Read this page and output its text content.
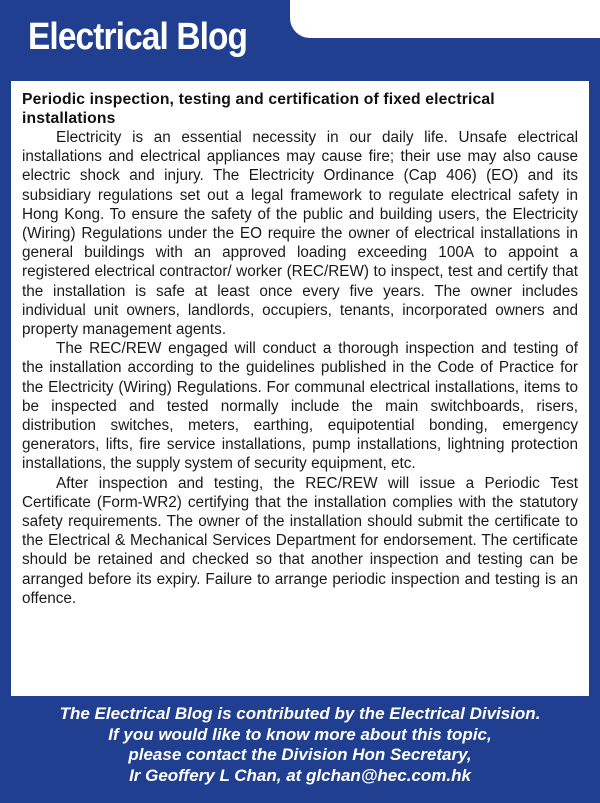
Electrical Blog
Periodic inspection, testing and certification of fixed electrical installations

Electricity is an essential necessity in our daily life. Unsafe electrical installations and electrical appliances may cause fire; their use may also cause electric shock and injury. The Electricity Ordinance (Cap 406) (EO) and its subsidiary regulations set out a legal framework to regulate electrical safety in Hong Kong. To ensure the safety of the public and building users, the Electricity (Wiring) Regulations under the EO require the owner of electrical installations in general buildings with an approved loading exceeding 100A to appoint a registered electrical contractor/ worker (REC/REW) to inspect, test and certify that the installation is safe at least once every five years. The owner includes individual unit owners, landlords, occupiers, tenants, incorporated owners and property management agents.

The REC/REW engaged will conduct a thorough inspection and testing of the installation according to the guidelines published in the Code of Practice for the Electricity (Wiring) Regulations. For communal electrical installations, items to be inspected and tested normally include the main switchboards, risers, distribution switches, meters, earthing, equipotential bonding, emergency generators, lifts, fire service installations, pump installations, lightning protection installations, the supply system of security equipment, etc.

After inspection and testing, the REC/REW will issue a Periodic Test Certificate (Form-WR2) certifying that the installation complies with the statutory safety requirements. The owner of the installation should submit the certificate to the Electrical & Mechanical Services Department for endorsement. The certificate should be retained and checked so that another inspection and testing can be arranged before its expiry. Failure to arrange periodic inspection and testing is an offence.

The Electrical Blog is contributed by the Electrical Division.
If you would like to know more about this topic,
please contact the Division Hon Secretary,
Ir Geoffery L Chan, at glchan@hec.com.hk
